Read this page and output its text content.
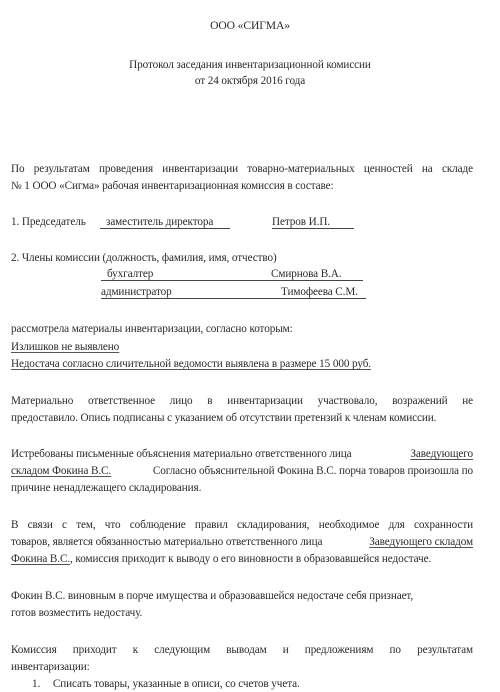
ООО «СИГМА»
Протокол заседания инвентаризационной комиссии
от 24 октября 2016 года
По результатам проведения инвентаризации товарно-материальных ценностей на складе
№ 1 ООО «Сигма» рабочая инвентаризационная комиссия в составе:
1. Председатель	заместитель директора	Петров И.П.
2. Члены комиссии (должность, фамилия, имя, отчество)
бухгалтер	Смирнова В.А.
администратор	Тимофеева С.М.
рассмотрела материалы инвентаризации, согласно которым:
Излишков не выявлено
Недостача согласно сличительной ведомости выявлена в размере 15 000 руб.
Материально ответственное лицо в инвентаризации участвовало, возражений не
предоставило. Опись подписаны с указанием об отсутствии претензий к членам комиссии.
Истребованы письменные объяснения материально ответственного лица	Заведующего
складом Фокина В.С.	Согласно объяснительной Фокина В.С. порча товаров произошла по
причине ненадлежащего складирования.
В связи с тем, что соблюдение правил складирования, необходимое для сохранности
товаров, является обязанностью материально ответственного лица	Заведующего складом
Фокина В.С., комиссия приходит к выводу о его виновности в образовавшейся недостаче.
Фокин В.С. виновным в порче имущества и образовавшейся недостаче себя признает,
готов возместить недостачу.
Комиссия приходит к следующим выводам и предложениям по результатам
инвентаризации:
1. Списать товары, указанные в описи, со счетов учета.
